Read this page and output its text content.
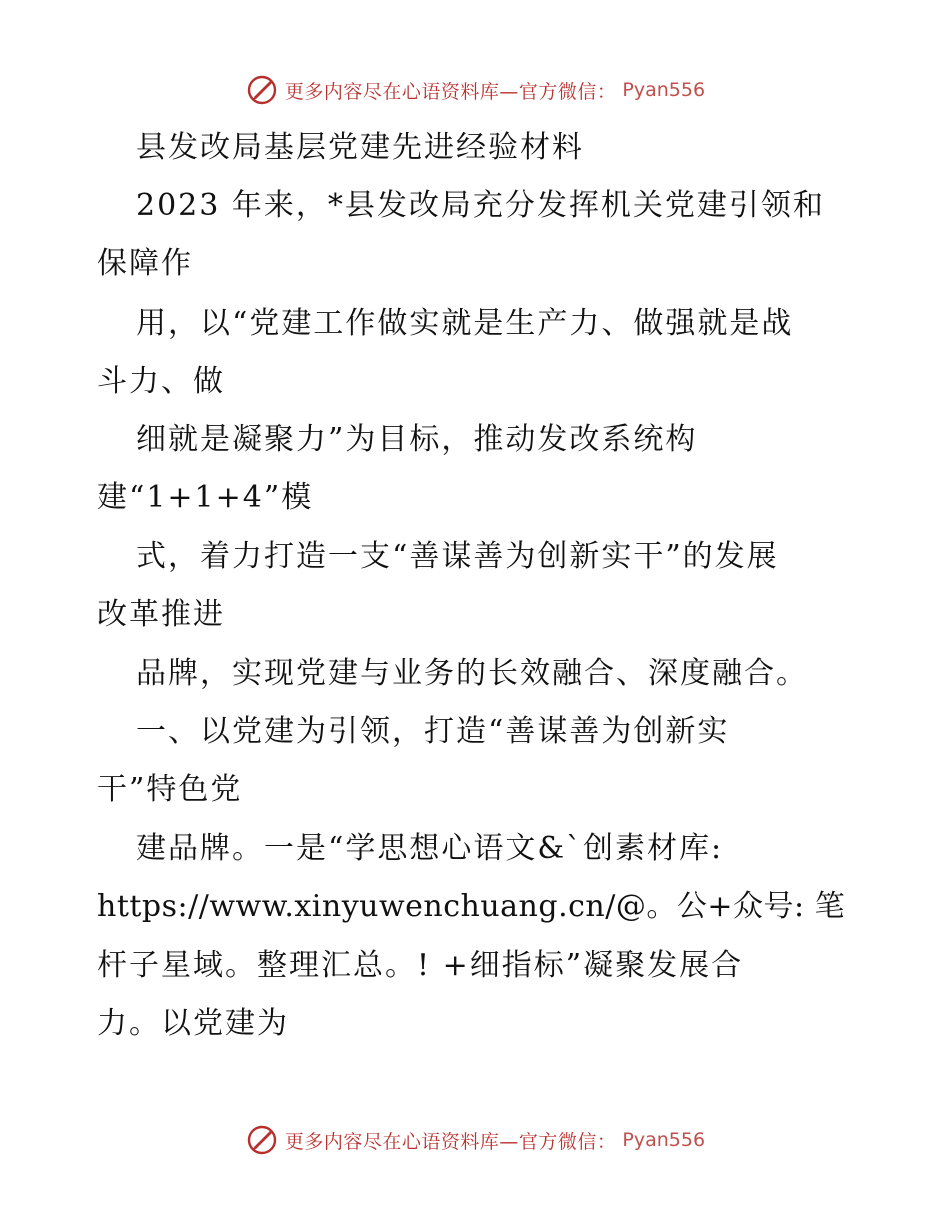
更多内容尽在心语资料库—官方微信： Pyan556
县发改局基层党建先进经验材料
2023 年来，*县发改局充分发挥机关党建引领和
保障作
用，以“党建工作做实就是生产力、做强就是战
斗力、做
细就是凝聚力”为目标，推动发改系统构
建“1+1+4”模
式，着力打造一支“善谋善为创新实干”的发展
改革推进
品牌，实现党建与业务的长效融合、深度融合。
一、以党建为引领，打造“善谋善为创新实
干”特色党
建品牌。一是“学思想心语文&`创素材库:
https://www.xinyuwenchuang.cn/@。公+众号: 笔
杆子星域。整理汇总。! +细指标”凝聚发展合
力。以党建为
更多内容尽在心语资料库—官方微信： Pyan556
